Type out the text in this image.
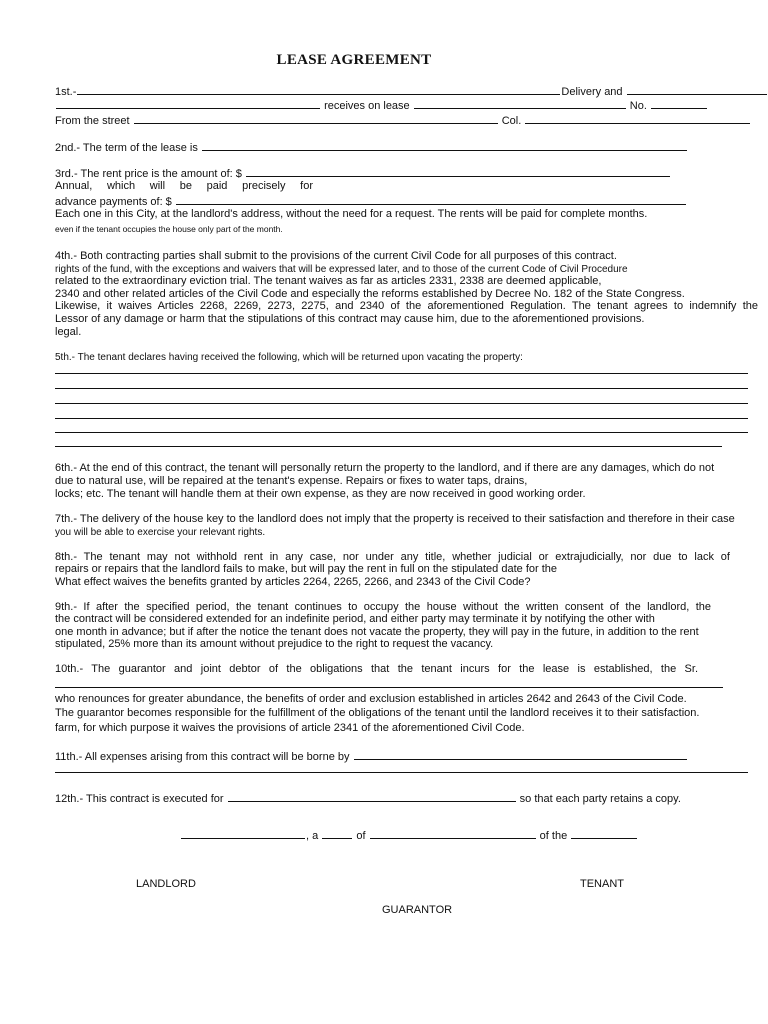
LEASE AGREEMENT
1st.-	Delivery and
receives on lease	No.
From the street	Col.
2nd.- The term of the lease is
3rd.- The rent price is the amount of: $
Annual, which will be paid precisely for
advance payments of: $
Each one in this City, at the landlord's address, without the need for a request. The rents will be paid for complete months.
even if the tenant occupies the house only part of the month.
4th.- Both contracting parties shall submit to the provisions of the current Civil Code for all purposes of this contract.
rights of the fund, with the exceptions and waivers that will be expressed later, and to those of the current Code of Civil Procedure
related to the extraordinary eviction trial. The tenant waives as far as articles 2331, 2338 are deemed applicable,
2340 and other related articles of the Civil Code and especially the reforms established by Decree No. 182 of the State Congress.
Likewise, it waives Articles 2268, 2269, 2273, 2275, and 2340 of the aforementioned Regulation. The tenant agrees to indemnify the
Lessor of any damage or harm that the stipulations of this contract may cause him, due to the aforementioned provisions.
legal.
5th.- The tenant declares having received the following, which will be returned upon vacating the property:
6th.- At the end of this contract, the tenant will personally return the property to the landlord, and if there are any damages, which do not
due to natural use, will be repaired at the tenant's expense. Repairs or fixes to water taps, drains,
locks; etc. The tenant will handle them at their own expense, as they are now received in good working order.
7th.- The delivery of the house key to the landlord does not imply that the property is received to their satisfaction and therefore in their case
you will be able to exercise your relevant rights.
8th.- The tenant may not withhold rent in any case, nor under any title, whether judicial or extrajudicially, nor due to lack of
repairs or repairs that the landlord fails to make, but will pay the rent in full on the stipulated date for the
What effect waives the benefits granted by articles 2264, 2265, 2266, and 2343 of the Civil Code?
9th.- If after the specified period, the tenant continues to occupy the house without the written consent of the landlord, the
the contract will be considered extended for an indefinite period, and either party may terminate it by notifying the other with
one month in advance; but if after the notice the tenant does not vacate the property, they will pay in the future, in addition to the rent
stipulated, 25% more than its amount without prejudice to the right to request the vacancy.
10th.- The guarantor and joint debtor of the obligations that the tenant incurs for the lease is established, the Sr.
who renounces for greater abundance, the benefits of order and exclusion established in articles 2642 and 2643 of the Civil Code.
The guarantor becomes responsible for the fulfillment of the obligations of the tenant until the landlord receives it to their satisfaction.
farm, for which purpose it waives the provisions of article 2341 of the aforementioned Civil Code.
11th.- All expenses arising from this contract will be borne by
12th.- This contract is executed for	so that each party retains a copy.
, a	of	of the
LANDLORD	TENANT
GUARANTOR
